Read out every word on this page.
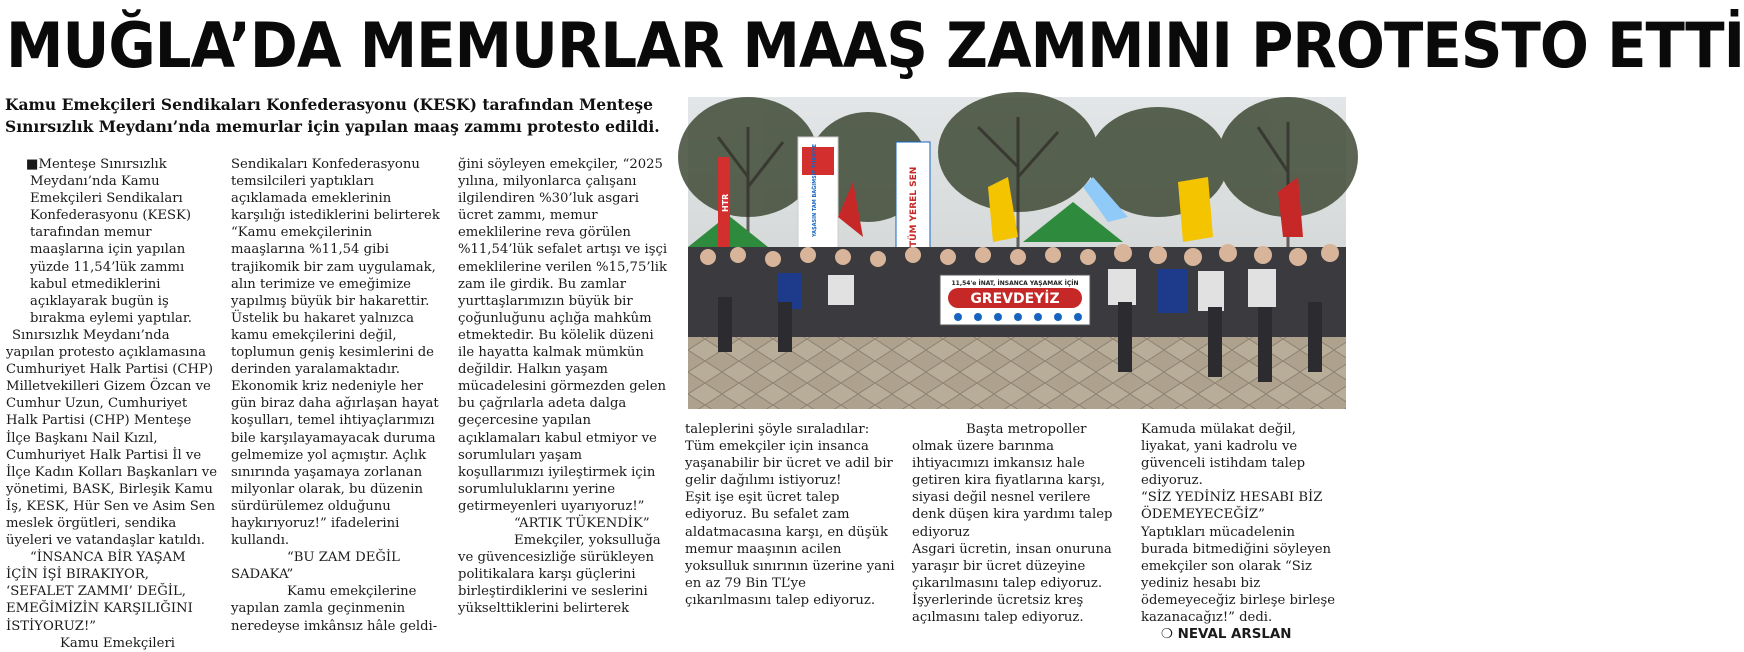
MUĞLA’DA MEMURLAR MAAŞ ZAMMINI PROTESTO ETTİ
Kamu Emekçileri Sendikaları Konfederasyonu (KESK) tarafından Menteşe Sınırsızlık Meydanı’nda memurlar için yapılan maaş zammı protesto edildi.

■Menteşe Sınırsızlık Meydanı’nda Kamu Emekçileri Sendikaları Konfederasyonu (KESK) tarafından memur maaşlarına için yapılan yüzde 11,54’lük zammı kabul etmediklerini açıklayarak bugün iş bırakma eylemi yaptılar.

Sınırsızlık Meydanı’nda yapılan protesto açıklamasına Cumhuriyet Halk Partisi (CHP) Milletvekilleri Gizem Özcan ve Cumhur Uzun, Cumhuriyet Halk Partisi (CHP) Menteşe İlçe Başkanı Nail Kızıl, Cumhuriyet Halk Partisi İl ve İlçe Kadın Kolları Başkanları ve yönetimi, BASK, Birleşik Kamu İş, KESK, Hür Sen ve Asim Sen meslek örgütleri, sendika üyeleri ve vatandaşlar katıldı.

“İNSANCA BİR YAŞAM İÇİN İŞİ BIRAKIYOR, ‘SEFALET ZAMMI’ DEĞİL, EMEĞİMİZİN KARŞILIĞINI İSTİYORUZ!”

Kamu Emekçileri

Sendikaları Konfederasyonu temsilcileri yaptıkları açıklamada emeklerinin karşılığı istediklerini belirterek “Kamu emekçilerinin maaşlarına %11,54 gibi trajikomik bir zam uygulamak, alın terimize ve emeğimize yapılmış büyük bir hakarettir. Üstelik bu hakaret yalnızca kamu emekçilerini değil, toplumun geniş kesimlerini de derinden yaralamaktadır. Ekonomik kriz nedeniyle her gün biraz daha ağırlaşan hayat koşulları, temel ihtiyaçlarımızı bile karşılayamayacak duruma gelmemize yol açmıştır. Açlık sınırında yaşamaya zorlanan milyonlar olarak, bu düzenin sürdürülemez olduğunu haykırıyoruz!” ifadelerini kullandı.

“BU ZAM DEĞİL SADAKA”

Kamu emekçilerine yapılan zamla geçinmenin neredeyse imkânsız hâle geldi-

ğini söyleyen emekçiler, “2025 yılına, milyonlarca çalışanı ilgilendiren %30’luk asgari ücret zammı, memur emeklilerine reva görülen %11,54’lük sefalet artışı ve işçi emeklilerine verilen %15,75’lik zam ile girdik. Bu zamlar yurttaşlarımızın büyük bir çoğunluğunu açlığa mahkûm etmektedir. Bu kölelik düzeni ile hayatta kalmak mümkün değildir. Halkın yaşam mücadelesini görmezden gelen bu çağrılarla adeta dalga geçercesine yapılan açıklamaları kabul etmiyor ve sorumluları yaşam koşullarımızı iyileştirmek için sorumluluklarını yerine getirmeyenleri uyarıyoruz!”

“ARTIK TÜKENDİK”

Emekçiler, yoksulluğa ve güvencesizliğe sürükleyen politikalara karşı güçlerini birleştirdiklerini ve seslerini yükselttiklerini belirterek

11,54'e İNAT, İNSANCA YAŞAMAK İÇİN
GREVDEYİZ
TÜM YEREL SEN
YAŞASIN TAM BAĞIMSIZ TÜRKİYE
HTR

taleplerini şöyle sıraladılar:

Tüm emekçiler için insanca yaşanabilir bir ücret ve adil bir gelir dağılımı istiyoruz!

Eşit işe eşit ücret talep ediyoruz. Bu sefalet zam aldatmacasına karşı, en düşük memur maaşının acilen yoksulluk sınırının üzerine yani en az 79 Bin TL’ye çıkarılmasını talep ediyoruz.

Başta metropoller olmak üzere barınma ihtiyacımızı imkansız hale getiren kira fiyatlarına karşı, siyasi değil nesnel verilere denk düşen kira yardımı talep ediyoruz

Asgari ücretin, insan onuruna yaraşır bir ücret düzeyine çıkarılmasını talep ediyoruz.

İşyerlerinde ücretsiz kreş açılmasını talep ediyoruz.

Kamuda mülakat değil, liyakat, yani kadrolu ve güvenceli istihdam talep ediyoruz.

“SİZ YEDİNİZ HESABI BİZ ÖDEMEYECEĞİZ”

Yaptıkları mücadelenin burada bitmediğini söyleyen emekçiler son olarak “Siz yediniz hesabı biz ödemeyeceğiz birleşe birleşe kazanacağız!” dedi.

❍ NEVAL ARSLAN
